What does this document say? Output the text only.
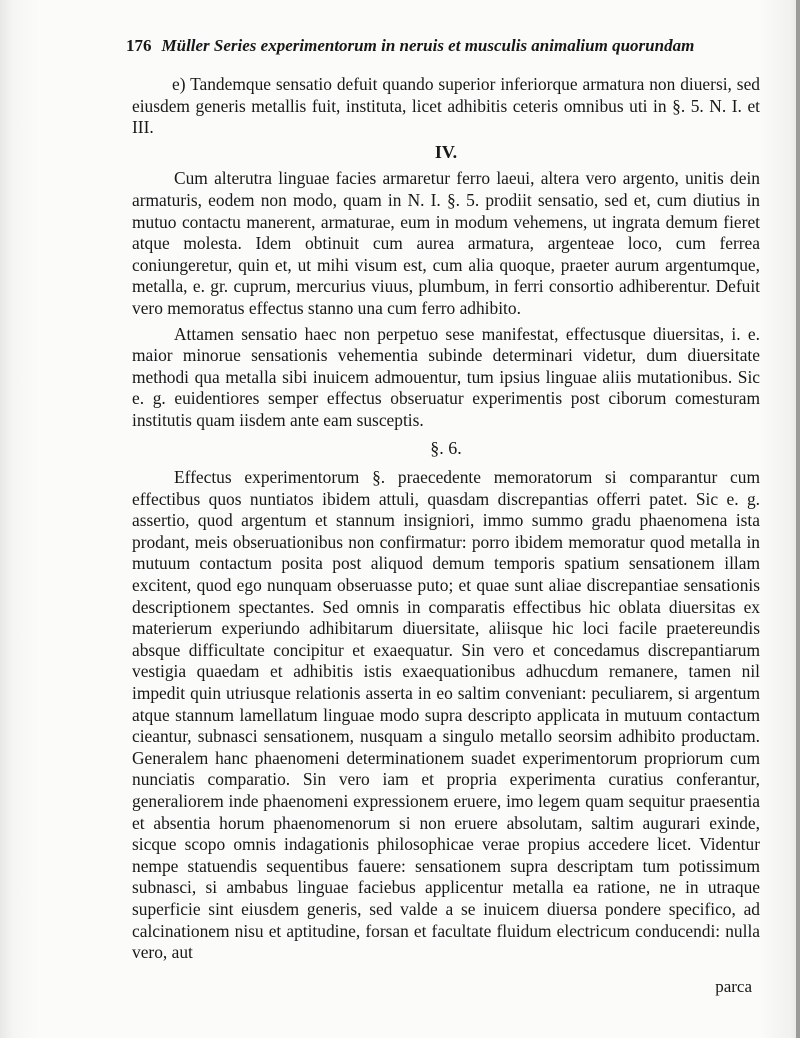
176 Müller Series experimentorum in neruis et musculis animalium quorundam

e) Tandemque sensatio defuit quando superior inferiorque armatura non diuersi, sed eiusdem generis metallis fuit, instituta, licet adhibitis ceteris omnibus uti in §. 5. N. I. et III.

IV.

Cum alterutra linguae facies armaretur ferro laeui, altera vero argento, unitis dein armaturis, eodem non modo, quam in N. I. §. 5. prodiit sensatio, sed et, cum diutius in mutuo contactu manerent, armaturae, eum in modum vehemens, ut ingrata demum fieret atque molesta. Idem obtinuit cum aurea armatura, argenteae loco, cum ferrea coniungeretur, quin et, ut mihi visum est, cum alia quoque, praeter aurum argentumque, metalla, e. gr. cuprum, mercurius viuus, plumbum, in ferri consortio adhiberentur. Defuit vero memoratus effectus stanno una cum ferro adhibito.

Attamen sensatio haec non perpetuo sese manifestat, effectusque diuersitas, i. e. maior minorue sensationis vehementia subinde determinari videtur, dum diuersitate methodi qua metalla sibi inuicem admouentur, tum ipsius linguae aliis mutationibus. Sic e. g. euidentiores semper effectus obseruatur experimentis post ciborum comesturam institutis quam iisdem ante eam susceptis.

§. 6.

Effectus experimentorum §. praecedente memoratorum si comparantur cum effectibus quos nuntiatos ibidem attuli, quasdam discrepantias offerri patet. Sic e. g. assertio, quod argentum et stannum insigniori, immo summo gradu phaenomena ista prodant, meis obseruationibus non confirmatur: porro ibidem memoratur quod metalla in mutuum contactum posita post aliquod demum temporis spatium sensationem illam excitent, quod ego nunquam obseruasse puto; et quae sunt aliae discrepantiae sensationis descriptionem spectantes. Sed omnis in comparatis effectibus hic oblata diuersitas ex materierum experiundo adhibitarum diuersitate, aliisque hic loci facile praetereundis absque difficultate concipitur et exaequatur. Sin vero et concedamus discrepantiarum vestigia quaedam et adhibitis istis exaequationibus adhucdum remanere, tamen nil impedit quin utriusque relationis asserta in eo saltim conveniant: peculiarem, si argentum atque stannum lamellatum linguae modo supra descripto applicata in mutuum contactum cieantur, subnasci sensationem, nusquam a singulo metallo seorsim adhibito productam. Generalem hanc phaenomeni determinationem suadet experimentorum propriorum cum nunciatis comparatio. Sin vero iam et propria experimenta curatius conferantur, generaliorem inde phaenomeni expressionem eruere, imo legem quam sequitur praesentia et absentia horum phaenomenorum si non eruere absolutam, saltim augurari exinde, sicque scopo omnis indagationis philosophicae verae propius accedere licet. Videntur nempe statuendis sequentibus fauere: sensationem supra descriptam tum potissimum subnasci, si ambabus linguae faciebus applicentur metalla ea ratione, ne in utraque superficie sint eiusdem generis, sed valde a se inuicem diuersa pondere specifico, ad calcinationem nisu et aptitudine, forsan et facultate fluidum electricum conducendi: nulla vero, aut

parca
